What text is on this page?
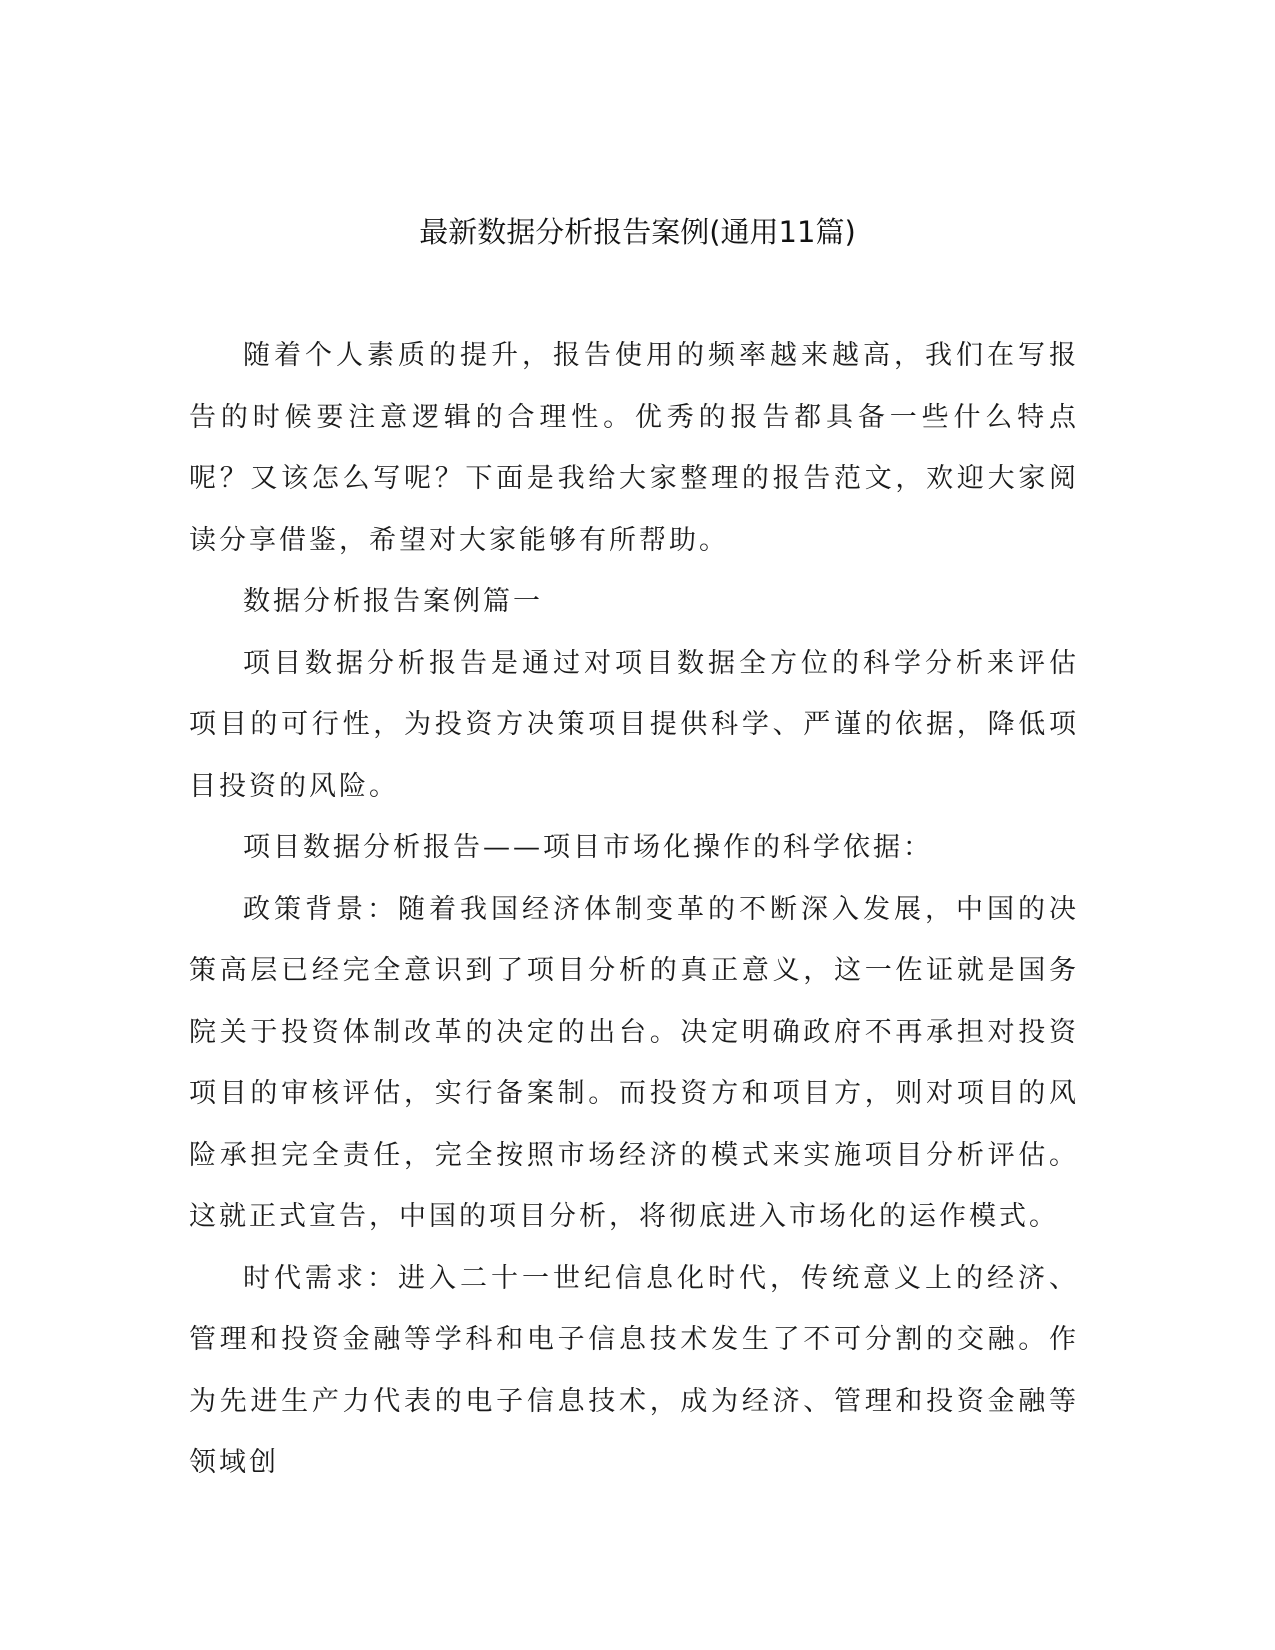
最新数据分析报告案例(通用11篇)

随着个人素质的提升，报告使用的频率越来越高，我们在写报告的时候要注意逻辑的合理性。优秀的报告都具备一些什么特点呢？又该怎么写呢？下面是我给大家整理的报告范文，欢迎大家阅读分享借鉴，希望对大家能够有所帮助。

数据分析报告案例篇一

项目数据分析报告是通过对项目数据全方位的科学分析来评估项目的可行性，为投资方决策项目提供科学、严谨的依据，降低项目投资的风险。

项目数据分析报告——项目市场化操作的科学依据：

政策背景：随着我国经济体制变革的不断深入发展，中国的决策高层已经完全意识到了项目分析的真正意义，这一佐证就是国务院关于投资体制改革的决定的出台。决定明确政府不再承担对投资项目的审核评估，实行备案制。而投资方和项目方，则对项目的风险承担完全责任，完全按照市场经济的模式来实施项目分析评估。这就正式宣告，中国的项目分析，将彻底进入市场化的运作模式。

时代需求：进入二十一世纪信息化时代，传统意义上的经济、管理和投资金融等学科和电子信息技术发生了不可分割的交融。作为先进生产力代表的电子信息技术，成为经济、管理和投资金融等领域创
